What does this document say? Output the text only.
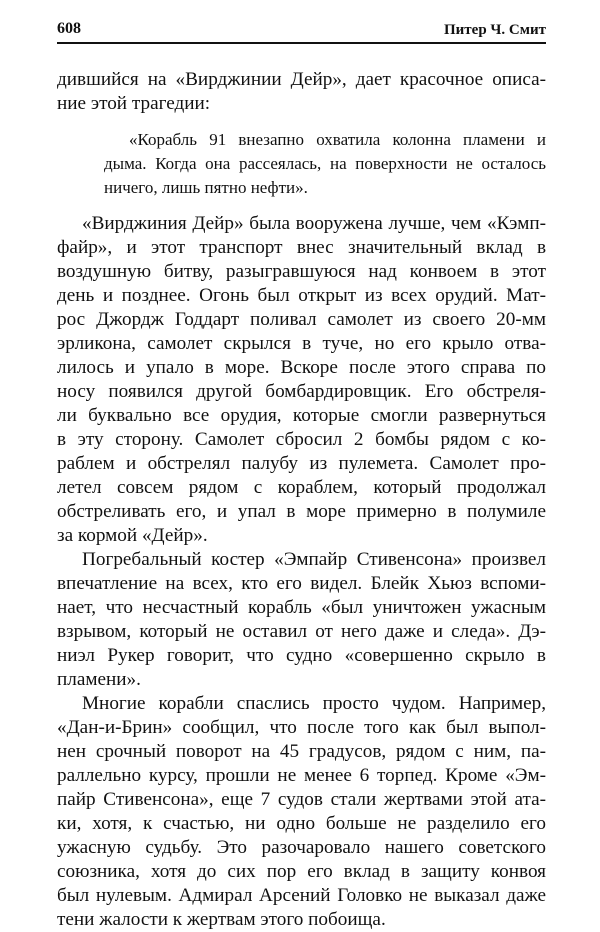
608	Питер Ч. Смит

дившийся на «Вирджинии Дейр», дает красочное описа-
ние этой трагедии:

«Корабль 91 внезапно охватила колонна пламени и
дыма. Когда она рассеялась, на поверхности не осталось
ничего, лишь пятно нефти».

«Вирджиния Дейр» была вооружена лучше, чем «Кэмп-
файр», и этот транспорт внес значительный вклад в
воздушную битву, разыгравшуюся над конвоем в этот
день и позднее. Огонь был открыт из всех орудий. Мат-
рос Джордж Годдарт поливал самолет из своего 20-мм
эрликона, самолет скрылся в туче, но его крыло отва-
лилось и упало в море. Вскоре после этого справа по
носу появился другой бомбардировщик. Его обстреля-
ли буквально все орудия, которые смогли развернуться
в эту сторону. Самолет сбросил 2 бомбы рядом с ко-
раблем и обстрелял палубу из пулемета. Самолет про-
летел совсем рядом с кораблем, который продолжал
обстреливать его, и упал в море примерно в полумиле
за кормой «Дейр».

Погребальный костер «Эмпайр Стивенсона» произвел
впечатление на всех, кто его видел. Блейк Хьюз вспоми-
нает, что несчастный корабль «был уничтожен ужасным
взрывом, который не оставил от него даже и следа». Дэ-
ниэл Рукер говорит, что судно «совершенно скрыло в
пламени».

Многие корабли спаслись просто чудом. Например,
«Дан-и-Брин» сообщил, что после того как был выпол-
нен срочный поворот на 45 градусов, рядом с ним, па-
раллельно курсу, прошли не менее 6 торпед. Кроме «Эм-
пайр Стивенсона», еще 7 судов стали жертвами этой ата-
ки, хотя, к счастью, ни одно больше не разделило его
ужасную судьбу. Это разочаровало нашего советского
союзника, хотя до сих пор его вклад в защиту конвоя
был нулевым. Адмирал Арсений Головко не выказал даже
тени жалости к жертвам этого побоища.
